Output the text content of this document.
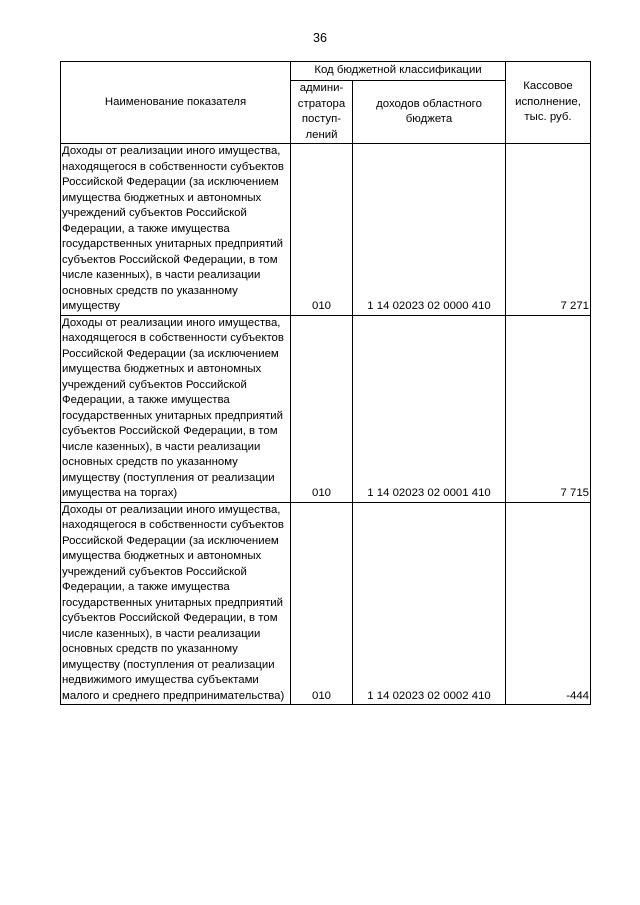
36
Наименование показателя	Код бюджетной классификации		Кассовое исполнение, тыс. руб.
	админи-стратора поступ-лений	доходов областного бюджета	
Доходы от реализации иного имущества, находящегося в собственности субъектов Российской Федерации (за исключением имущества бюджетных и автономных учреждений субъектов Российской Федерации, а также имущества государственных унитарных предприятий субъектов Российской Федерации, в том числе казенных), в части реализации основных средств по указанному имуществу	010	1 14 02023 02 0000 410	7 271
Доходы от реализации иного имущества, находящегося в собственности субъектов Российской Федерации (за исключением имущества бюджетных и автономных учреждений субъектов Российской Федерации, а также имущества государственных унитарных предприятий субъектов Российской Федерации, в том числе казенных), в части реализации основных средств по указанному имуществу (поступления от реализации имущества на торгах)	010	1 14 02023 02 0001 410	7 715
Доходы от реализации иного имущества, находящегося в собственности субъектов Российской Федерации (за исключением имущества бюджетных и автономных учреждений субъектов Российской Федерации, а также имущества государственных унитарных предприятий субъектов Российской Федерации, в том числе казенных), в части реализации основных средств по указанному имуществу (поступления от реализации недвижимого имущества субъектами малого и среднего предпринимательства)	010	1 14 02023 02 0002 410	-444
